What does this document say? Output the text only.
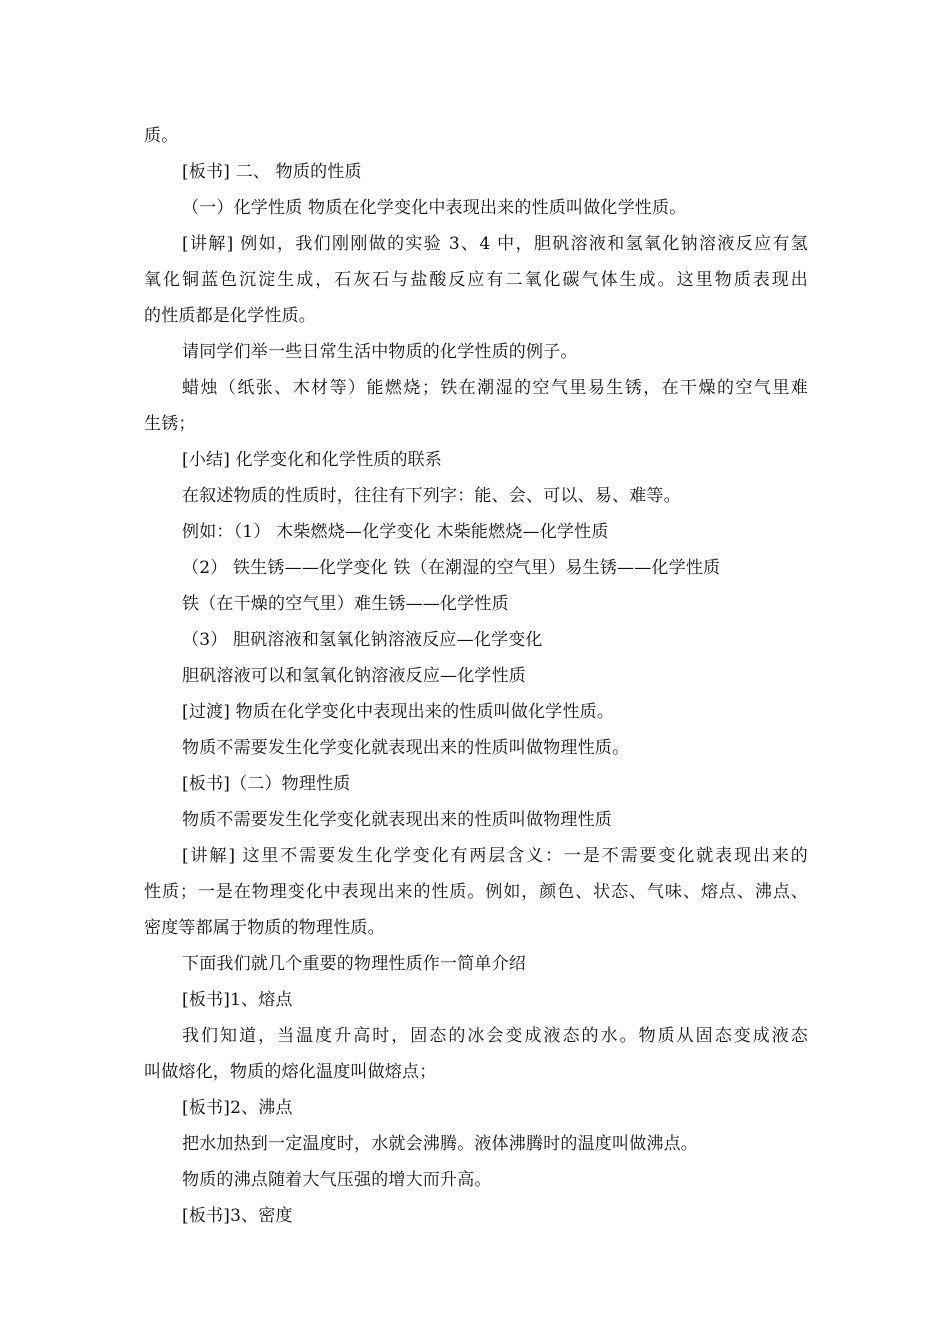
质。
[板书] 二、 物质的性质
（一）化学性质 物质在化学变化中表现出来的性质叫做化学性质。
[讲解] 例如，我们刚刚做的实验 3、4 中，胆矾溶液和氢氧化钠溶液反应有氢
氧化铜蓝色沉淀生成，石灰石与盐酸反应有二氧化碳气体生成。这里物质表现出
的性质都是化学性质。
请同学们举一些日常生活中物质的化学性质的例子。
蜡烛（纸张、木材等）能燃烧；铁在潮湿的空气里易生锈，在干燥的空气里难
生锈；
[小结] 化学变化和化学性质的联系
在叙述物质的性质时，往往有下列字：能、会、可以、易、难等。
例如：（1） 木柴燃烧—化学变化 木柴能燃烧—化学性质
（2） 铁生锈——化学变化 铁（在潮湿的空气里）易生锈——化学性质
铁（在干燥的空气里）难生锈——化学性质
（3） 胆矾溶液和氢氧化钠溶液反应—化学变化
胆矾溶液可以和氢氧化钠溶液反应—化学性质
[过渡] 物质在化学变化中表现出来的性质叫做化学性质。
物质不需要发生化学变化就表现出来的性质叫做物理性质。
[板书]（二）物理性质
物质不需要发生化学变化就表现出来的性质叫做物理性质
[讲解] 这里不需要发生化学变化有两层含义：一是不需要变化就表现出来的
性质；一是在物理变化中表现出来的性质。例如，颜色、状态、气味、熔点、沸点、
密度等都属于物质的物理性质。
下面我们就几个重要的物理性质作一简单介绍
[板书]1、熔点
我们知道，当温度升高时，固态的冰会变成液态的水。物质从固态变成液态
叫做熔化，物质的熔化温度叫做熔点；
[板书]2、沸点
把水加热到一定温度时，水就会沸腾。液体沸腾时的温度叫做沸点。
物质的沸点随着大气压强的增大而升高。
[板书]3、密度
